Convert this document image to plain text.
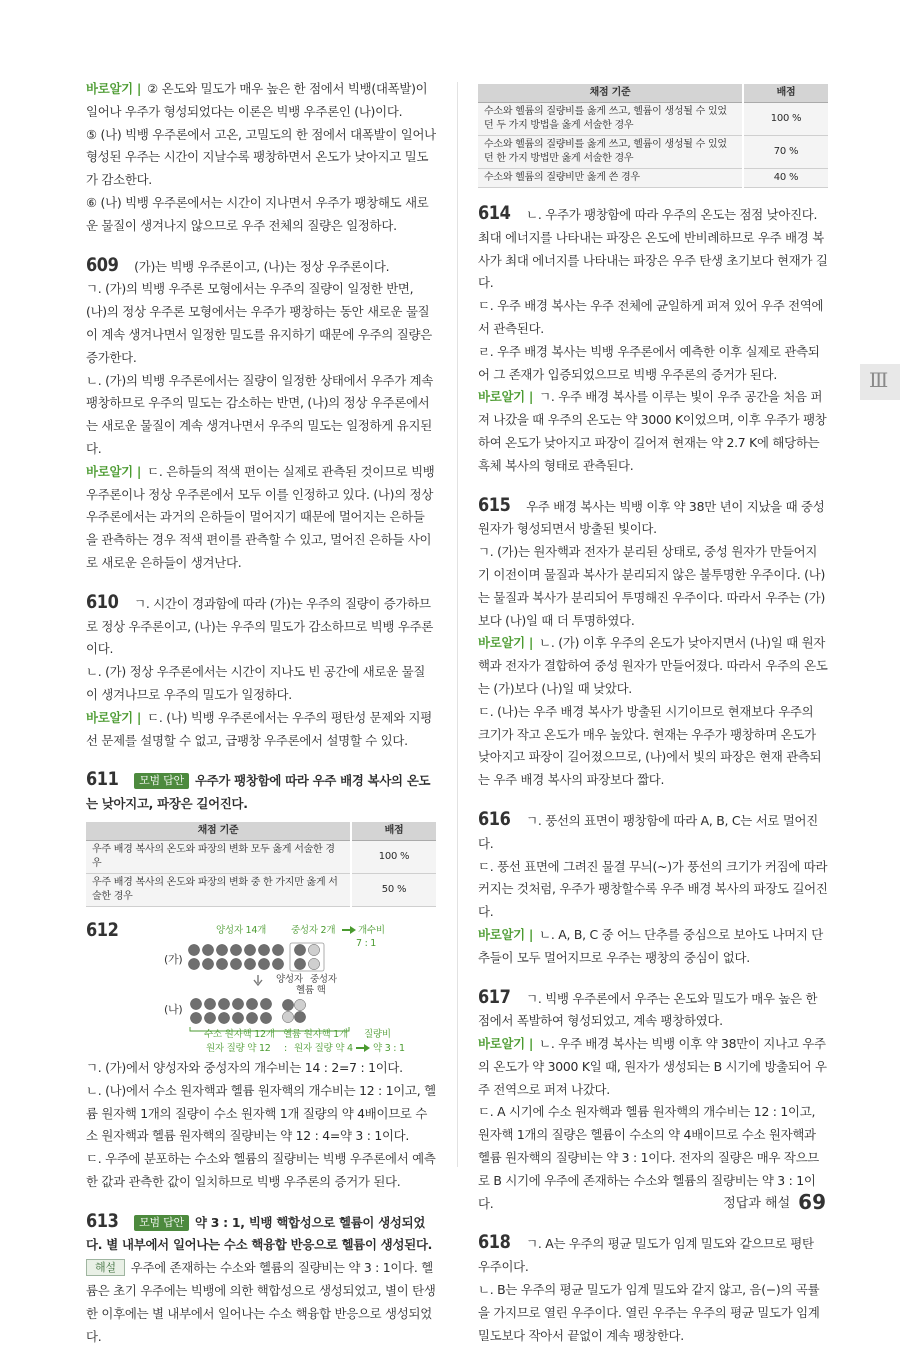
바로알기 | ② 온도와 밀도가 매우 높은 한 점에서 빅뱅(대폭발)이 일어나 우주가 형성되었다는 이론은 빅뱅 우주론인 (나)이다.

⑤ (나) 빅뱅 우주론에서 고온, 고밀도의 한 점에서 대폭발이 일어나 형성된 우주는 시간이 지날수록 팽창하면서 온도가 낮아지고 밀도가 감소한다.

⑥ (나) 빅뱅 우주론에서는 시간이 지나면서 우주가 팽창해도 새로운 물질이 생겨나지 않으므로 우주 전체의 질량은 일정하다.

609 (가)는 빅뱅 우주론이고, (나)는 정상 우주론이다.

ㄱ. (가)의 빅뱅 우주론 모형에서는 우주의 질량이 일정한 반면, (나)의 정상 우주론 모형에서는 우주가 팽창하는 동안 새로운 물질이 계속 생겨나면서 일정한 밀도를 유지하기 때문에 우주의 질량은 증가한다.

ㄴ. (가)의 빅뱅 우주론에서는 질량이 일정한 상태에서 우주가 계속 팽창하므로 우주의 밀도는 감소하는 반면, (나)의 정상 우주론에서는 새로운 물질이 계속 생겨나면서 우주의 밀도는 일정하게 유지된다.

바로알기 | ㄷ. 은하들의 적색 편이는 실제로 관측된 것이므로 빅뱅 우주론이나 정상 우주론에서 모두 이를 인정하고 있다. (나)의 정상 우주론에서는 과거의 은하들이 멀어지기 때문에 멀어지는 은하들을 관측하는 경우 적색 편이를 관측할 수 있고, 멀어진 은하들 사이로 새로운 은하들이 생겨난다.

610 ㄱ. 시간이 경과함에 따라 (가)는 우주의 질량이 증가하므로 정상 우주론이고, (나)는 우주의 밀도가 감소하므로 빅뱅 우주론이다.

ㄴ. (가) 정상 우주론에서는 시간이 지나도 빈 공간에 새로운 물질이 생겨나므로 우주의 밀도가 일정하다.

바로알기 | ㄷ. (나) 빅뱅 우주론에서는 우주의 평탄성 문제와 지평선 문제를 설명할 수 없고, 급팽창 우주론에서 설명할 수 있다.

611 모범 답안 우주가 팽창함에 따라 우주 배경 복사의 온도는 낮아지고, 파장은 길어진다.

채점 기준	배점
우주 배경 복사의 온도와 파장의 변화 모두 옳게 서술한 경우	100 %
우주 배경 복사의 온도와 파장의 변화 중 한 가지만 옳게 서술한 경우	50 %
612	양성자 14개	중성자 2개 개수비
7 : 1
(가)
양성자 중성자
헬륨 핵
(나)
수소 원자핵 12개 헬륨 원자핵 1개 질량비
원자 질량 약 12 : 원자 질량 약 4 약 3 : 1

ㄱ. (가)에서 양성자와 중성자의 개수비는 14 : 2=7 : 1이다.

ㄴ. (나)에서 수소 원자핵과 헬륨 원자핵의 개수비는 12 : 1이고, 헬륨 원자핵 1개의 질량이 수소 원자핵 1개 질량의 약 4배이므로 수소 원자핵과 헬륨 원자핵의 질량비는 약 12 : 4=약 3 : 1이다.

ㄷ. 우주에 분포하는 수소와 헬륨의 질량비는 빅뱅 우주론에서 예측한 값과 관측한 값이 일치하므로 빅뱅 우주론의 증거가 된다.

613 모범 답안 약 3 : 1, 빅뱅 핵합성으로 헬륨이 생성되었다. 별 내부에서 일어나는 수소 핵융합 반응으로 헬륨이 생성된다.

해설 우주에 존재하는 수소와 헬륨의 질량비는 약 3 : 1이다. 헬륨은 초기 우주에는 빅뱅에 의한 핵합성으로 생성되었고, 별이 탄생한 이후에는 별 내부에서 일어나는 수소 핵융합 반응으로 생성되었다.

채점 기준	배점
수소와 헬륨의 질량비를 옳게 쓰고, 헬륨이 생성될 수 있었던 두 가지 방법을 옳게 서술한 경우	100 %
수소와 헬륨의 질량비를 옳게 쓰고, 헬륨이 생성될 수 있었던 한 가지 방법만 옳게 서술한 경우	70 %
수소와 헬륨의 질량비만 옳게 쓴 경우	40 %

614 ㄴ. 우주가 팽창함에 따라 우주의 온도는 점점 낮아진다. 최대 에너지를 나타내는 파장은 온도에 반비례하므로 우주 배경 복사가 최대 에너지를 나타내는 파장은 우주 탄생 초기보다 현재가 길다.

ㄷ. 우주 배경 복사는 우주 전체에 균일하게 퍼져 있어 우주 전역에서 관측된다.

ㄹ. 우주 배경 복사는 빅뱅 우주론에서 예측한 이후 실제로 관측되어 그 존재가 입증되었으므로 빅뱅 우주론의 증거가 된다.

바로알기 | ㄱ. 우주 배경 복사를 이루는 빛이 우주 공간을 처음 퍼져 나갔을 때 우주의 온도는 약 3000 K이었으며, 이후 우주가 팽창하여 온도가 낮아지고 파장이 길어져 현재는 약 2.7 K에 해당하는 흑체 복사의 형태로 관측된다.

615 우주 배경 복사는 빅뱅 이후 약 38만 년이 지났을 때 중성 원자가 형성되면서 방출된 빛이다.

ㄱ. (가)는 원자핵과 전자가 분리된 상태로, 중성 원자가 만들어지기 이전이며 물질과 복사가 분리되지 않은 불투명한 우주이다. (나)는 물질과 복사가 분리되어 투명해진 우주이다. 따라서 우주는 (가)보다 (나)일 때 더 투명하였다.

바로알기 | ㄴ. (가) 이후 우주의 온도가 낮아지면서 (나)일 때 원자핵과 전자가 결합하여 중성 원자가 만들어졌다. 따라서 우주의 온도는 (가)보다 (나)일 때 낮았다.

ㄷ. (나)는 우주 배경 복사가 방출된 시기이므로 현재보다 우주의 크기가 작고 온도가 매우 높았다. 현재는 우주가 팽창하며 온도가 낮아지고 파장이 길어졌으므로, (나)에서 빛의 파장은 현재 관측되는 우주 배경 복사의 파장보다 짧다.

616 ㄱ. 풍선의 표면이 팽창함에 따라 A, B, C는 서로 멀어진다.

ㄷ. 풍선 표면에 그려진 물결 무늬(~)가 풍선의 크기가 커짐에 따라 커지는 것처럼, 우주가 팽창할수록 우주 배경 복사의 파장도 길어진다.

바로알기 | ㄴ. A, B, C 중 어느 단추를 중심으로 보아도 나머지 단추들이 모두 멀어지므로 우주는 팽창의 중심이 없다.

617 ㄱ. 빅뱅 우주론에서 우주는 온도와 밀도가 매우 높은 한 점에서 폭발하여 형성되었고, 계속 팽창하였다.

바로알기 | ㄴ. 우주 배경 복사는 빅뱅 이후 약 38만이 지나고 우주의 온도가 약 3000 K일 때, 원자가 생성되는 B 시기에 방출되어 우주 전역으로 퍼져 나갔다.

ㄷ. A 시기에 수소 원자핵과 헬륨 원자핵의 개수비는 12 : 1이고, 원자핵 1개의 질량은 헬륨이 수소의 약 4배이므로 수소 원자핵과 헬륨 원자핵의 질량비는 약 3 : 1이다. 전자의 질량은 매우 작으므로 B 시기에 우주에 존재하는 수소와 헬륨의 질량비는 약 3 : 1이다.

618 ㄱ. A는 우주의 평균 밀도가 임계 밀도와 같으므로 평탄 우주이다.

ㄴ. B는 우주의 평균 밀도가 임계 밀도와 같지 않고, 음(−)의 곡률을 가지므로 열린 우주이다. 열린 우주는 우주의 평균 밀도가 임계 밀도보다 작아서 끝없이 계속 팽창한다.

Ⅲ
정답과 해설 69
